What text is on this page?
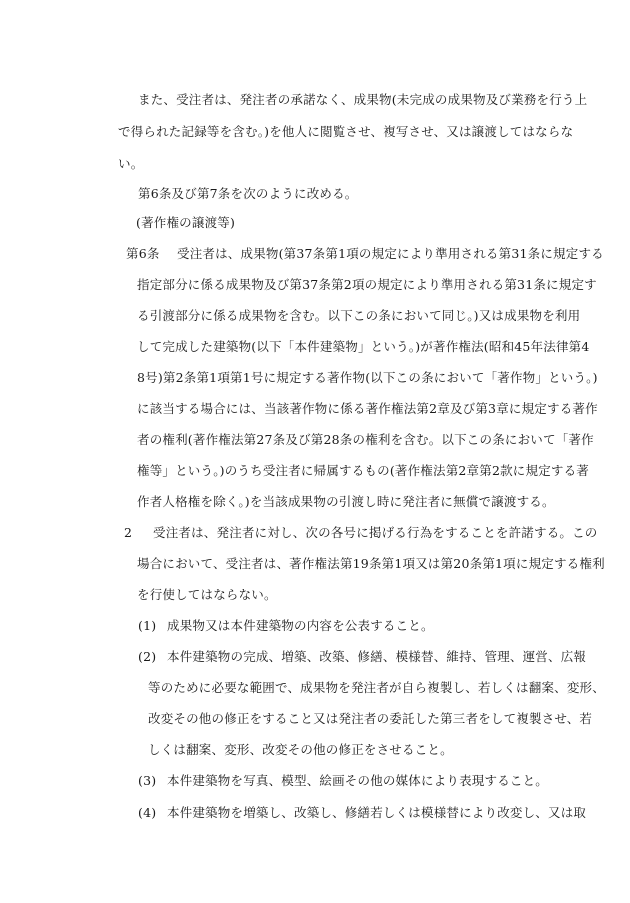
また、受注者は、発注者の承諾なく、成果物(未完成の成果物及び業務を行う上
で得られた記録等を含む。)を他人に閲覧させ、複写させ、又は譲渡してはならな
い。
第6条及び第7条を次のように改める。
(著作権の譲渡等)
第6条 受注者は、成果物(第37条第1項の規定により準用される第31条に規定する
指定部分に係る成果物及び第37条第2項の規定により準用される第31条に規定す
る引渡部分に係る成果物を含む。以下この条において同じ。)又は成果物を利用
して完成した建築物(以下「本件建築物」という。)が著作権法(昭和45年法律第4
8号)第2条第1項第1号に規定する著作物(以下この条において「著作物」という。)
に該当する場合には、当該著作物に係る著作権法第2章及び第3章に規定する著作
者の権利(著作権法第27条及び第28条の権利を含む。以下この条において「著作
権等」という。)のうち受注者に帰属するもの(著作権法第2章第2款に規定する著
作者人格権を除く。)を当該成果物の引渡し時に発注者に無償で譲渡する。
2 受注者は、発注者に対し、次の各号に掲げる行為をすることを許諾する。この
場合において、受注者は、著作権法第19条第1項又は第20条第1項に規定する権利
を行使してはならない。
(1) 成果物又は本件建築物の内容を公表すること。
(2) 本件建築物の完成、増築、改築、修繕、模様替、維持、管理、運営、広報
等のために必要な範囲で、成果物を発注者が自ら複製し、若しくは翻案、変形、
改変その他の修正をすること又は発注者の委託した第三者をして複製させ、若
しくは翻案、変形、改変その他の修正をさせること。
(3) 本件建築物を写真、模型、絵画その他の媒体により表現すること。
(4) 本件建築物を増築し、改築し、修繕若しくは模様替により改変し、又は取
